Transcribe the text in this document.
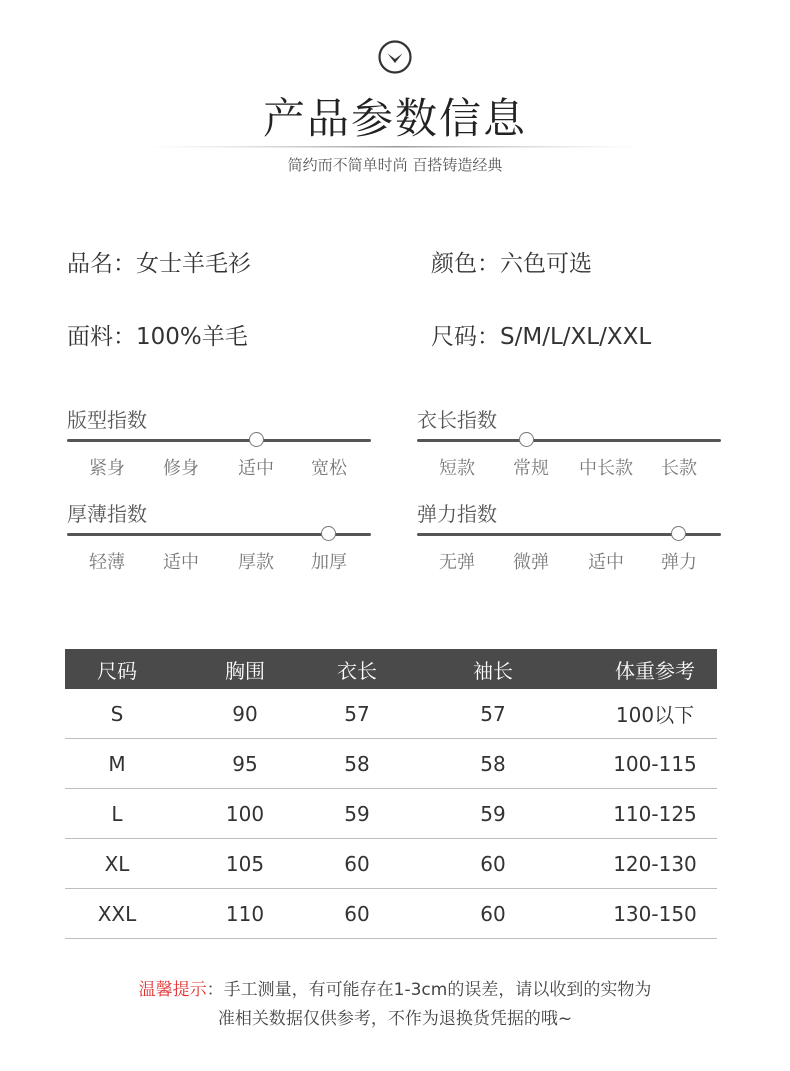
产品参数信息
简约而不简单时尚 百搭铸造经典
品名：女士羊毛衫	颜色：六色可选
面料：100%羊毛	尺码：S/M/L/XL/XXL
版型指数
紧身	修身	适中	宽松
衣长指数
短款	常规	中长款	长款
厚薄指数
轻薄	适中	厚款	加厚
弹力指数
无弹	微弹	适中	弹力
尺码	胸围	衣长	袖长	体重参考
S	90	57	57	100以下
M	95	58	58	100-115
L	100	59	59	110-125
XL	105	60	60	120-130
XXL	110	60	60	130-150
温馨提示：手工测量，有可能存在1-3cm的误差，请以收到的实物为
准相关数据仅供参考，不作为退换货凭据的哦~
